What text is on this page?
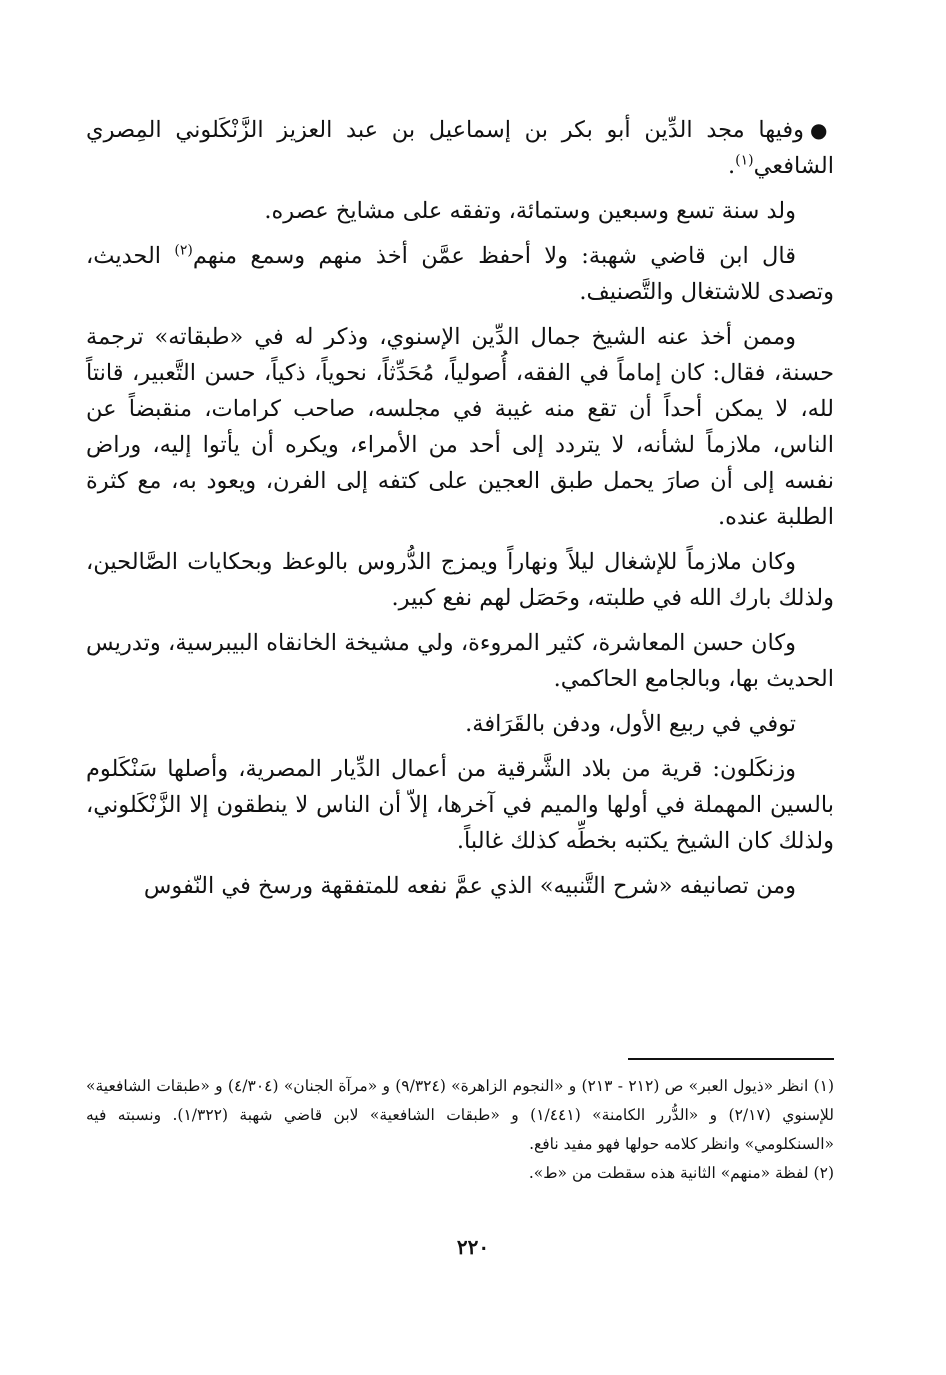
●وفيها مجد الدِّين أبو بكر بن إسماعيل بن عبد العزيز الزَّنْكَلوني المِصري الشافعي$^{(١)}$.

ولد سنة تسع وسبعين وستمائة، وتفقه على مشايخ عصره.

قال ابن قاضي شهبة: ولا أحفظ عمَّن أخذ منهم وسمع منهم$^{(٢)}$ الحديث، وتصدى للاشتغال والتَّصنيف.

وممن أخذ عنه الشيخ جمال الدِّين الإسنوي، وذكر له في «طبقاته» ترجمة حسنة، فقال: كان إماماً في الفقه، أُصولياً، مُحَدِّثاً، نحوياً، ذكياً، حسن التَّعبير، قانتاً لله، لا يمكن أحداً أن تقع منه غيبة في مجلسه، صاحب كرامات، منقبضاً عن الناس، ملازماً لشأنه، لا يتردد إلى أحد من الأمراء، ويكره أن يأتوا إليه، وراض نفسه إلى أن صارَ يحمل طبق العجين على كتفه إلى الفرن، ويعود به، مع كثرة الطلبة عنده.

وكان ملازماً للإشغال ليلاً ونهاراً ويمزج الدُّروس بالوعظ وبحكايات الصَّالحين، ولذلك بارك الله في طلبته، وحَصَل لهم نفع كبير.

وكان حسن المعاشرة، كثير المروءة، ولي مشيخة الخانقاه البيبرسية، وتدريس الحديث بها، وبالجامع الحاكمي.

توفي في ربيع الأول، ودفن بالقَرَافة.

وزنكَلون: قرية من بلاد الشَّرقية من أعمال الدِّيار المصرية، وأصلها سَنْكَلوم بالسين المهملة في أولها والميم في آخرها، إلاّ أن الناس لا ينطقون إلا الزَّنْكَلوني، ولذلك كان الشيخ يكتبه بخطِّه كذلك غالباً.

ومن تصانيفه «شرح التَّنبيه» الذي عمَّ نفعه للمتفقهة ورسخ في النّفوس

(١) انظر «ذيول العبر» ص (٢١٢ - ٢١٣) و «النجوم الزاهرة» (٩/٣٢٤) و «مرآة الجنان» (٤/٣٠٤) و «طبقات الشافعية» للإسنوي (٢/١٧) و «الدُّرر الكامنة» (١/٤٤١) و «طبقات الشافعية» لابن قاضي شهبة (١/٣٢٢). ونسبته فيه «السنكلومي» وانظر كلامه حولها فهو مفيد نافع.

(٢) لفظة «منهم» الثانية هذه سقطت من «ط».

٢٢٠
